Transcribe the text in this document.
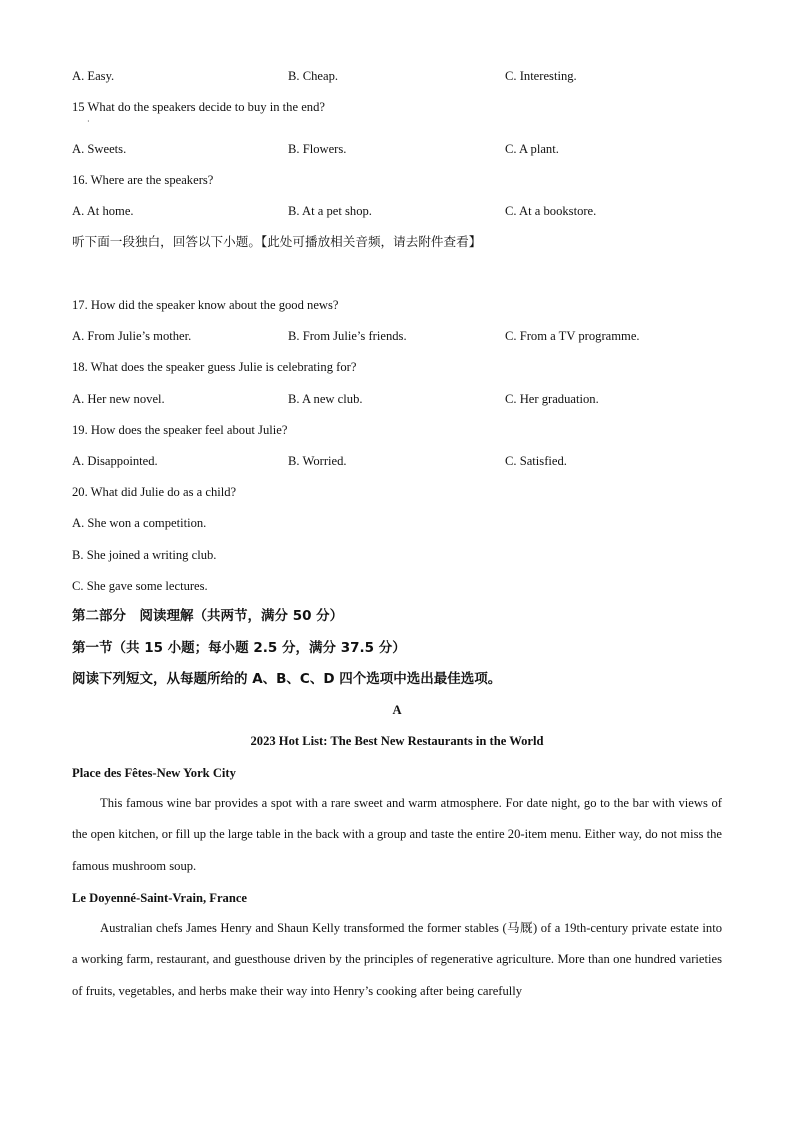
A. Easy.	B. Cheap.	C. Interesting.
15 What do the speakers decide to buy in the end?
·
A. Sweets.	B. Flowers.	C. A plant.
16. Where are the speakers?
A. At home.	B. At a pet shop.	C. At a bookstore.
听下面一段独白，回答以下小题。【此处可播放相关音频，请去附件查看】
17. How did the speaker know about the good news?
A. From Julie’s mother.	B. From Julie’s friends.	C. From a TV programme.
18. What does the speaker guess Julie is celebrating for?
A. Her new novel.	B. A new club.	C. Her graduation.
19. How does the speaker feel about Julie?
A. Disappointed.	B. Worried.	C. Satisfied.
20. What did Julie do as a child?
A. She won a competition.
B. She joined a writing club.
C. She gave some lectures.
第二部分　阅读理解（共两节，满分 50 分）
第一节（共 15 小题；每小题 2.5 分，满分 37.5 分）
阅读下列短文，从每题所给的 A、B、C、D 四个选项中选出最佳选项。
A
2023 Hot List: The Best New Restaurants in the World
Place des Fêtes-New York City

This famous wine bar provides a spot with a rare sweet and warm atmosphere. For date night, go to the bar with views of the open kitchen, or fill up the large table in the back with a group and taste the entire 20-item menu. Either way, do not miss the famous mushroom soup.

Le Doyenné-Saint-Vrain, France

Australian chefs James Henry and Shaun Kelly transformed the former stables (马厩) of a 19th-century private estate into a working farm, restaurant, and guesthouse driven by the principles of regenerative agriculture. More than one hundred varieties of fruits, vegetables, and herbs make their way into Henry’s cooking after being carefully
